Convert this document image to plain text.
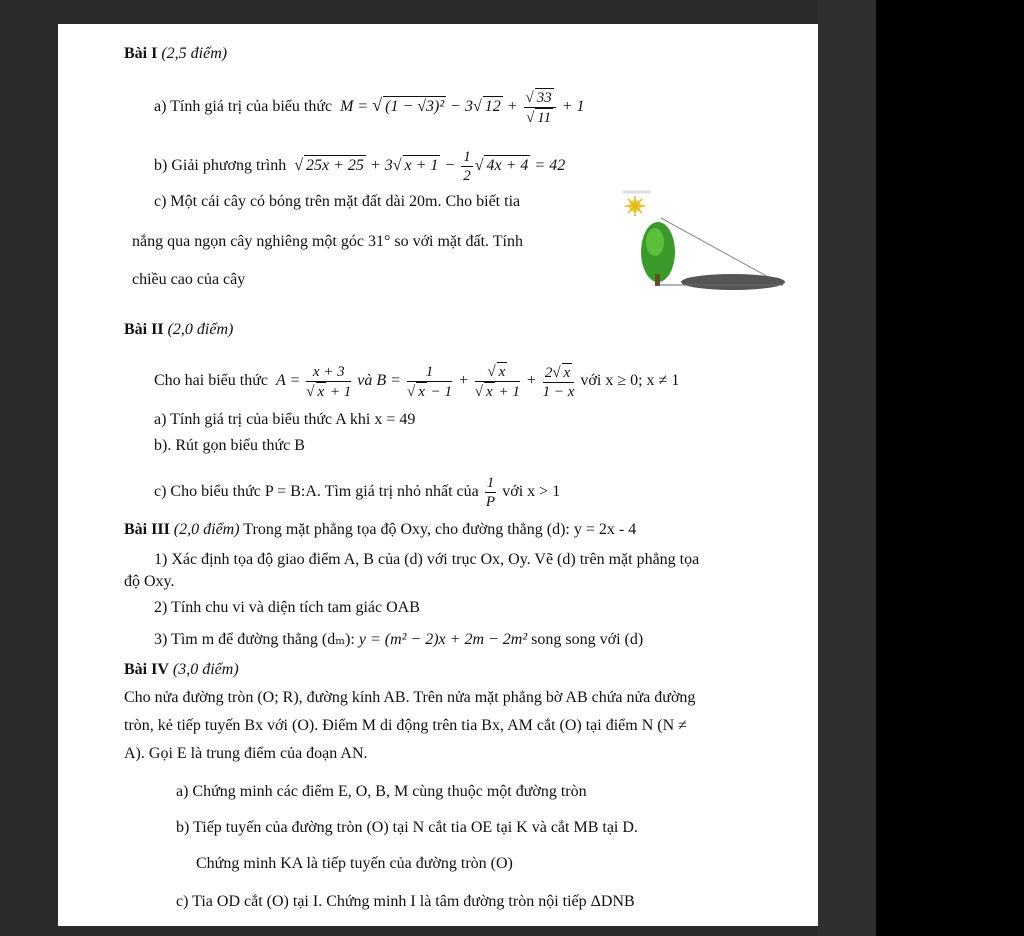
Bài I (2,5 điểm)
a) Tính giá trị của biểu thức  M = √ (1 − √3)² − 3√ $12 + \frac{√ 33}{√ 11} + 1$
b) Giải phương trình  √ 25x + 25 + 3√ $x + 1 - \frac{1}{2}$ √ 4x + 4 = 42
c) Một cái cây có bóng trên mặt đất dài 20m. Cho biết tia
nắng qua ngọn cây nghiêng một góc 31° so với mặt đất. Tính
chiều cao của cây
Bài II (2,0 điểm)
Cho hai biểu thức  $A = \frac{x + 3}{√ x + 1}$ và $B = \frac{1}{√ x - 1} + \frac{√ x}{√ x + 1} + \frac{2√ x}{1 - x}$ với x ≥ 0; x ≠ 1
a) Tính giá trị của biểu thức A khi x = 49
b). Rút gọn biểu thức B
c) Cho biểu thức P = B:A. Tìm giá trị nhỏ nhất của $\frac{1}{P}$ với x > 1
Bài III (2,0 điểm) Trong mặt phẳng tọa độ Oxy, cho đường thẳng (d): y = 2x - 4
1) Xác định tọa độ giao điểm A, B của (d) với trục Ox, Oy. Vẽ (d) trên mặt phẳng tọa
độ Oxy.
2) Tính chu vi và diện tích tam giác OAB
3) Tìm m để đường thẳng (dₘ): y = (m² − 2)x + 2m − 2m² song song với (d)
Bài IV (3,0 điểm)
Cho nửa đường tròn (O; R), đường kính AB. Trên nửa mặt phẳng bờ AB chứa nửa đường
tròn, kẻ tiếp tuyến Bx với (O). Điểm M di động trên tia Bx, AM cắt (O) tại điểm N (N ≠
A). Gọi E là trung điểm của đoạn AN.
a) Chứng minh các điểm E, O, B, M cùng thuộc một đường tròn
b) Tiếp tuyến của đường tròn (O) tại N cắt tia OE tại K và cắt MB tại D.
Chứng minh KA là tiếp tuyến của đường tròn (O)
c) Tia OD cắt (O) tại I. Chứng minh I là tâm đường tròn nội tiếp ΔDNB
